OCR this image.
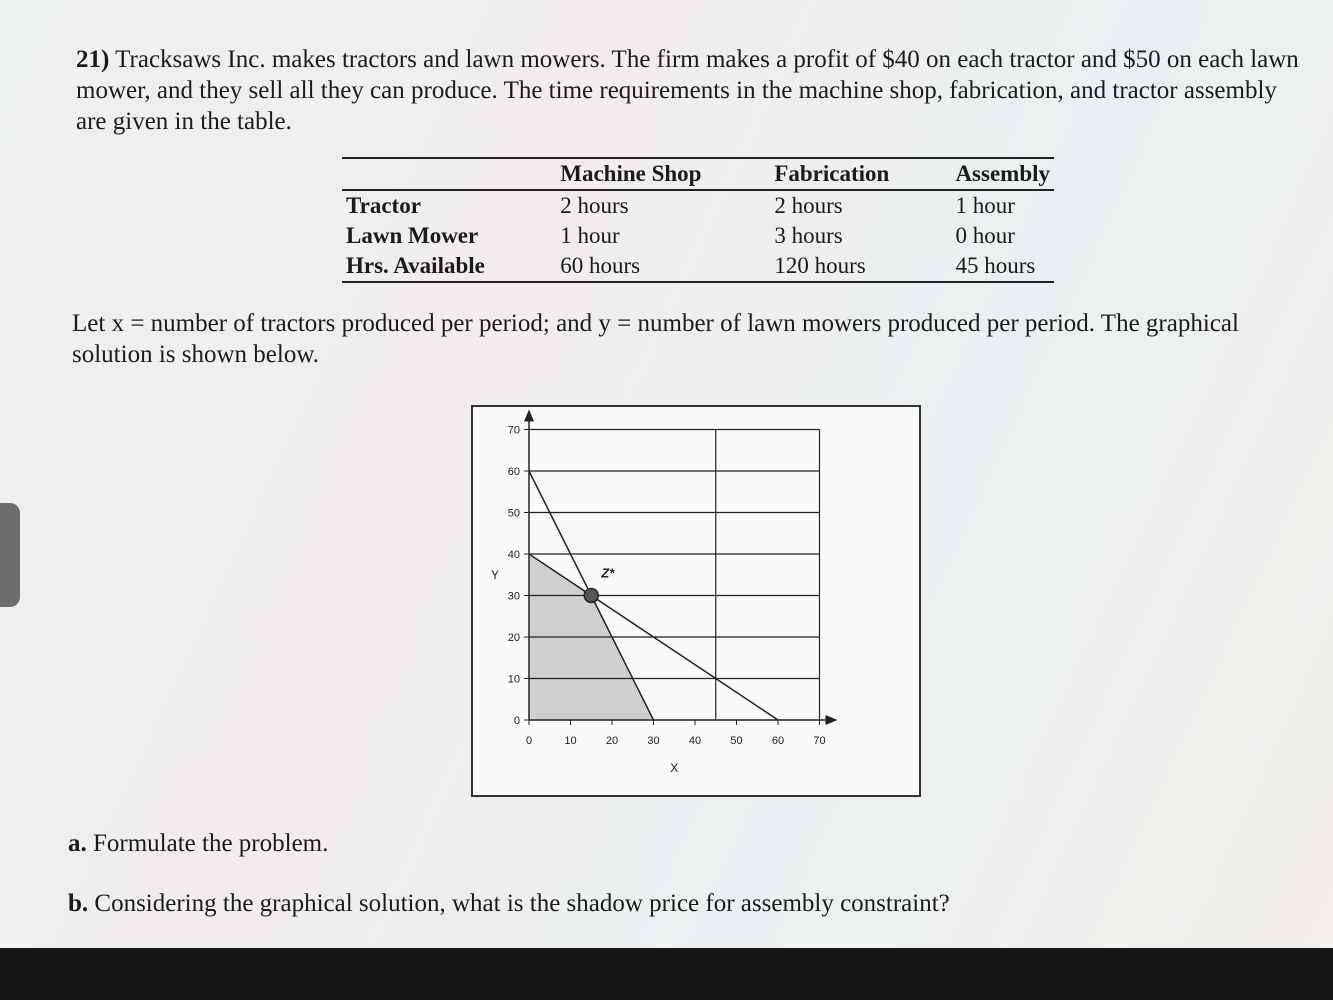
21) Tracksaws Inc. makes tractors and lawn mowers. The firm makes a profit of $40 on each tractor and $50 on each lawn mower, and they sell all they can produce. The time requirements in the machine shop, fabrication, and tractor assembly are given in the table.
	Machine Shop	Fabrication	Assembly
Tractor	2 hours	2 hours	1 hour
Lawn Mower	1 hour	3 hours	0 hour
Hrs. Available	60 hours	120 hours	45 hours
Let x = number of tractors produced per period; and y = number of lawn mowers produced per period. The graphical solution is shown below.
0
10
20
30
40
50
60
70
0	10	20	30	40	50	60	70
X
Y	Z*
a. Formulate the problem.
b. Considering the graphical solution, what is the shadow price for assembly constraint?
